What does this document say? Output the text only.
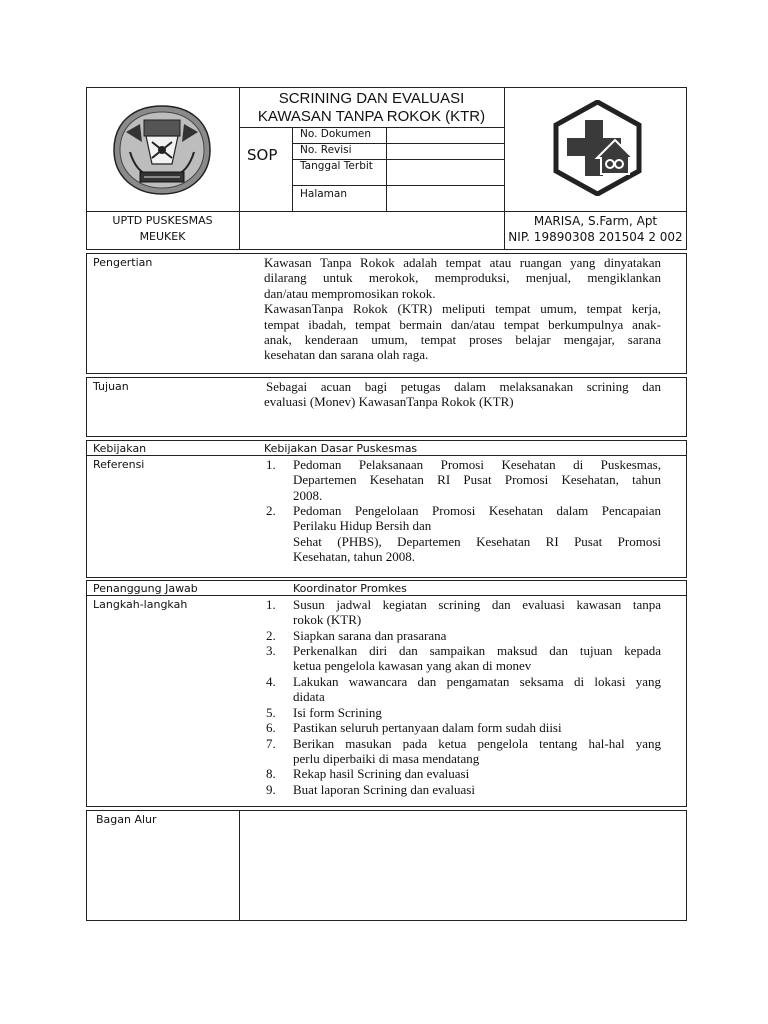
SCRINING DAN EVALUASI
KAWASAN TANPA ROKOK (KTR)
SOP
No. Dokumen
No. Revisi
Tanggal Terbit
Halaman
UPTD PUSKESMAS
MEUKEK
MARISA, S.Farm, Apt
NIP. 19890308 201504 2 002
Pengertian	Kawasan Tanpa Rokok adalah tempat atau ruangan yang dinyatakan
dilarang untuk merokok, memproduksi, menjual, mengiklankan
dan/atau mempromosikan rokok.
KawasanTanpa Rokok (KTR) meliputi tempat umum, tempat kerja,
tempat ibadah, tempat bermain dan/atau tempat berkumpulnya anak-
anak, kenderaan umum, tempat proses belajar mengajar, sarana
kesehatan dan sarana olah raga.
Tujuan	Sebagai acuan bagi petugas dalam melaksanakan scrining dan
evaluasi (Monev) KawasanTanpa Rokok (KTR)
Kebijakan	Kebijakan Dasar Puskesmas
Referensi	1. Pedoman Pelaksanaan Promosi Kesehatan di Puskesmas,
Departemen Kesehatan RI Pusat Promosi Kesehatan, tahun
2008.
2. Pedoman Pengelolaan Promosi Kesehatan dalam Pencapaian
Perilaku Hidup Bersih dan
Sehat (PHBS), Departemen Kesehatan RI Pusat Promosi
Kesehatan, tahun 2008.
Penanggung Jawab	Koordinator Promkes
Langkah-langkah	1. Susun jadwal kegiatan scrining dan evaluasi kawasan tanpa
rokok (KTR)
2. Siapkan sarana dan prasarana
3. Perkenalkan diri dan sampaikan maksud dan tujuan kepada
ketua pengelola kawasan yang akan di monev
4. Lakukan wawancara dan pengamatan seksama di lokasi yang
didata
5. Isi form Scrining
6. Pastikan seluruh pertanyaan dalam form sudah diisi
7. Berikan masukan pada ketua pengelola tentang hal-hal yang
perlu diperbaiki di masa mendatang
8. Rekap hasil Scrining dan evaluasi
9. Buat laporan Scrining dan evaluasi
Bagan Alur
